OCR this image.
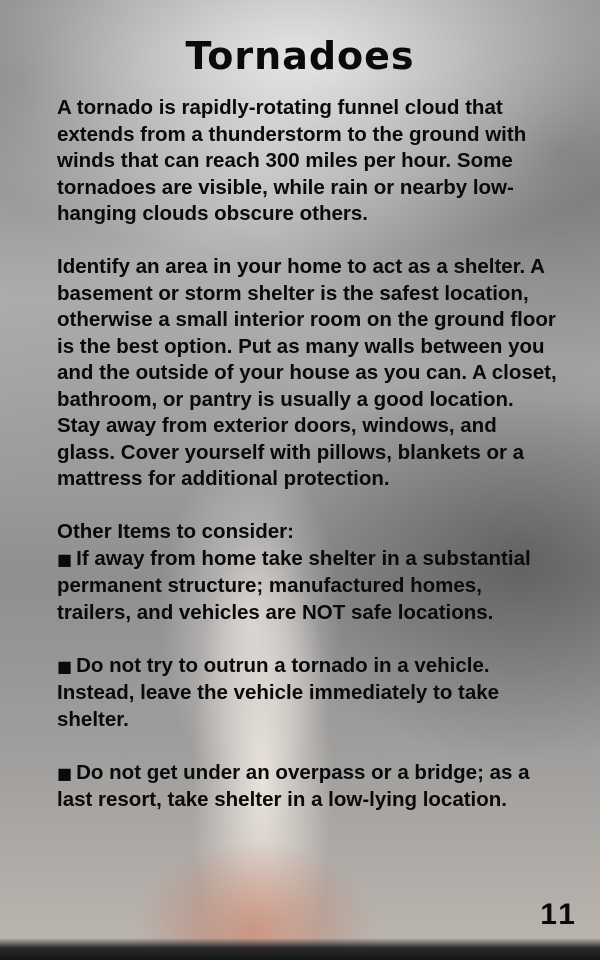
Tornadoes

A tornado is rapidly-rotating funnel cloud that extends from a thunderstorm to the ground with winds that can reach 300 miles per hour. Some tornadoes are visible, while rain or nearby low-hanging clouds obscure others.

Identify an area in your home to act as a shelter. A basement or storm shelter is the safest location, otherwise a small interior room on the ground floor is the best option. Put as many walls between you and the outside of your house as you can. A closet, bathroom, or pantry is usually a good location. Stay away from exterior doors, windows, and glass. Cover yourself with pillows, blankets or a mattress for additional protection.

Other Items to consider:

■ If away from home take shelter in a substantial permanent structure; manufactured homes, trailers, and vehicles are NOT safe locations.

■ Do not try to outrun a tornado in a vehicle. Instead, leave the vehicle immediately to take shelter.

■ Do not get under an overpass or a bridge; as a last resort, take shelter in a low-lying location.

11
